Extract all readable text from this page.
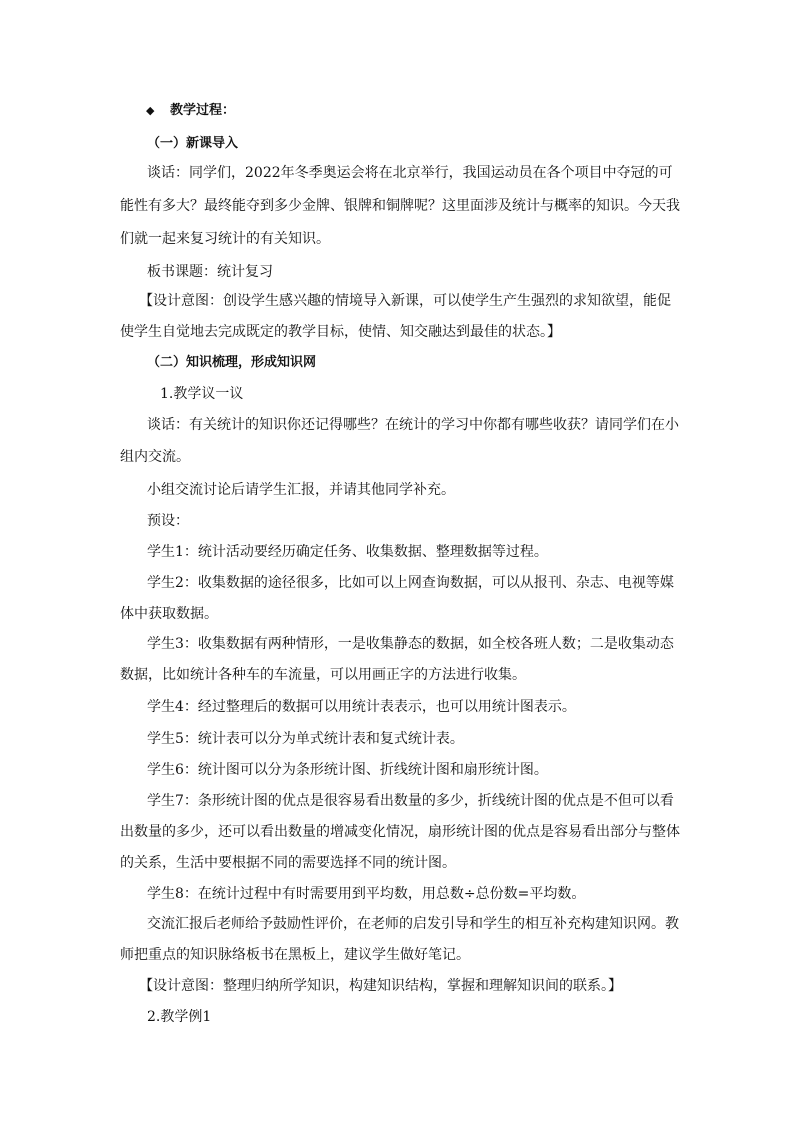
◆ 教学过程：
（一）新课导入
谈话：同学们，2022年冬季奥运会将在北京举行，我国运动员在各个项目中夺冠的可
能性有多大？最终能夺到多少金牌、银牌和铜牌呢？这里面涉及统计与概率的知识。今天我
们就一起来复习统计的有关知识。
板书课题：统计复习
【设计意图：创设学生感兴趣的情境导入新课，可以使学生产生强烈的求知欲望，能促
使学生自觉地去完成既定的教学目标，使情、知交融达到最佳的状态。】
（二）知识梳理，形成知识网
1.教学议一议
谈话：有关统计的知识你还记得哪些？在统计的学习中你都有哪些收获？请同学们在小
组内交流。
小组交流讨论后请学生汇报，并请其他同学补充。
预设：
学生1：统计活动要经历确定任务、收集数据、整理数据等过程。
学生2：收集数据的途径很多，比如可以上网查询数据，可以从报刊、杂志、电视等媒
体中获取数据。
学生3：收集数据有两种情形，一是收集静态的数据，如全校各班人数；二是收集动态
数据，比如统计各种车的车流量，可以用画正字的方法进行收集。
学生4：经过整理后的数据可以用统计表表示，也可以用统计图表示。
学生5：统计表可以分为单式统计表和复式统计表。
学生6：统计图可以分为条形统计图、折线统计图和扇形统计图。
学生7：条形统计图的优点是很容易看出数量的多少，折线统计图的优点是不但可以看
出数量的多少，还可以看出数量的增减变化情况，扇形统计图的优点是容易看出部分与整体
的关系，生活中要根据不同的需要选择不同的统计图。
学生8：在统计过程中有时需要用到平均数，用总数÷总份数=平均数。
交流汇报后老师给予鼓励性评价，在老师的启发引导和学生的相互补充构建知识网。教
师把重点的知识脉络板书在黑板上，建议学生做好笔记。
【设计意图：整理归纳所学知识，构建知识结构，掌握和理解知识间的联系。】
2.教学例1
